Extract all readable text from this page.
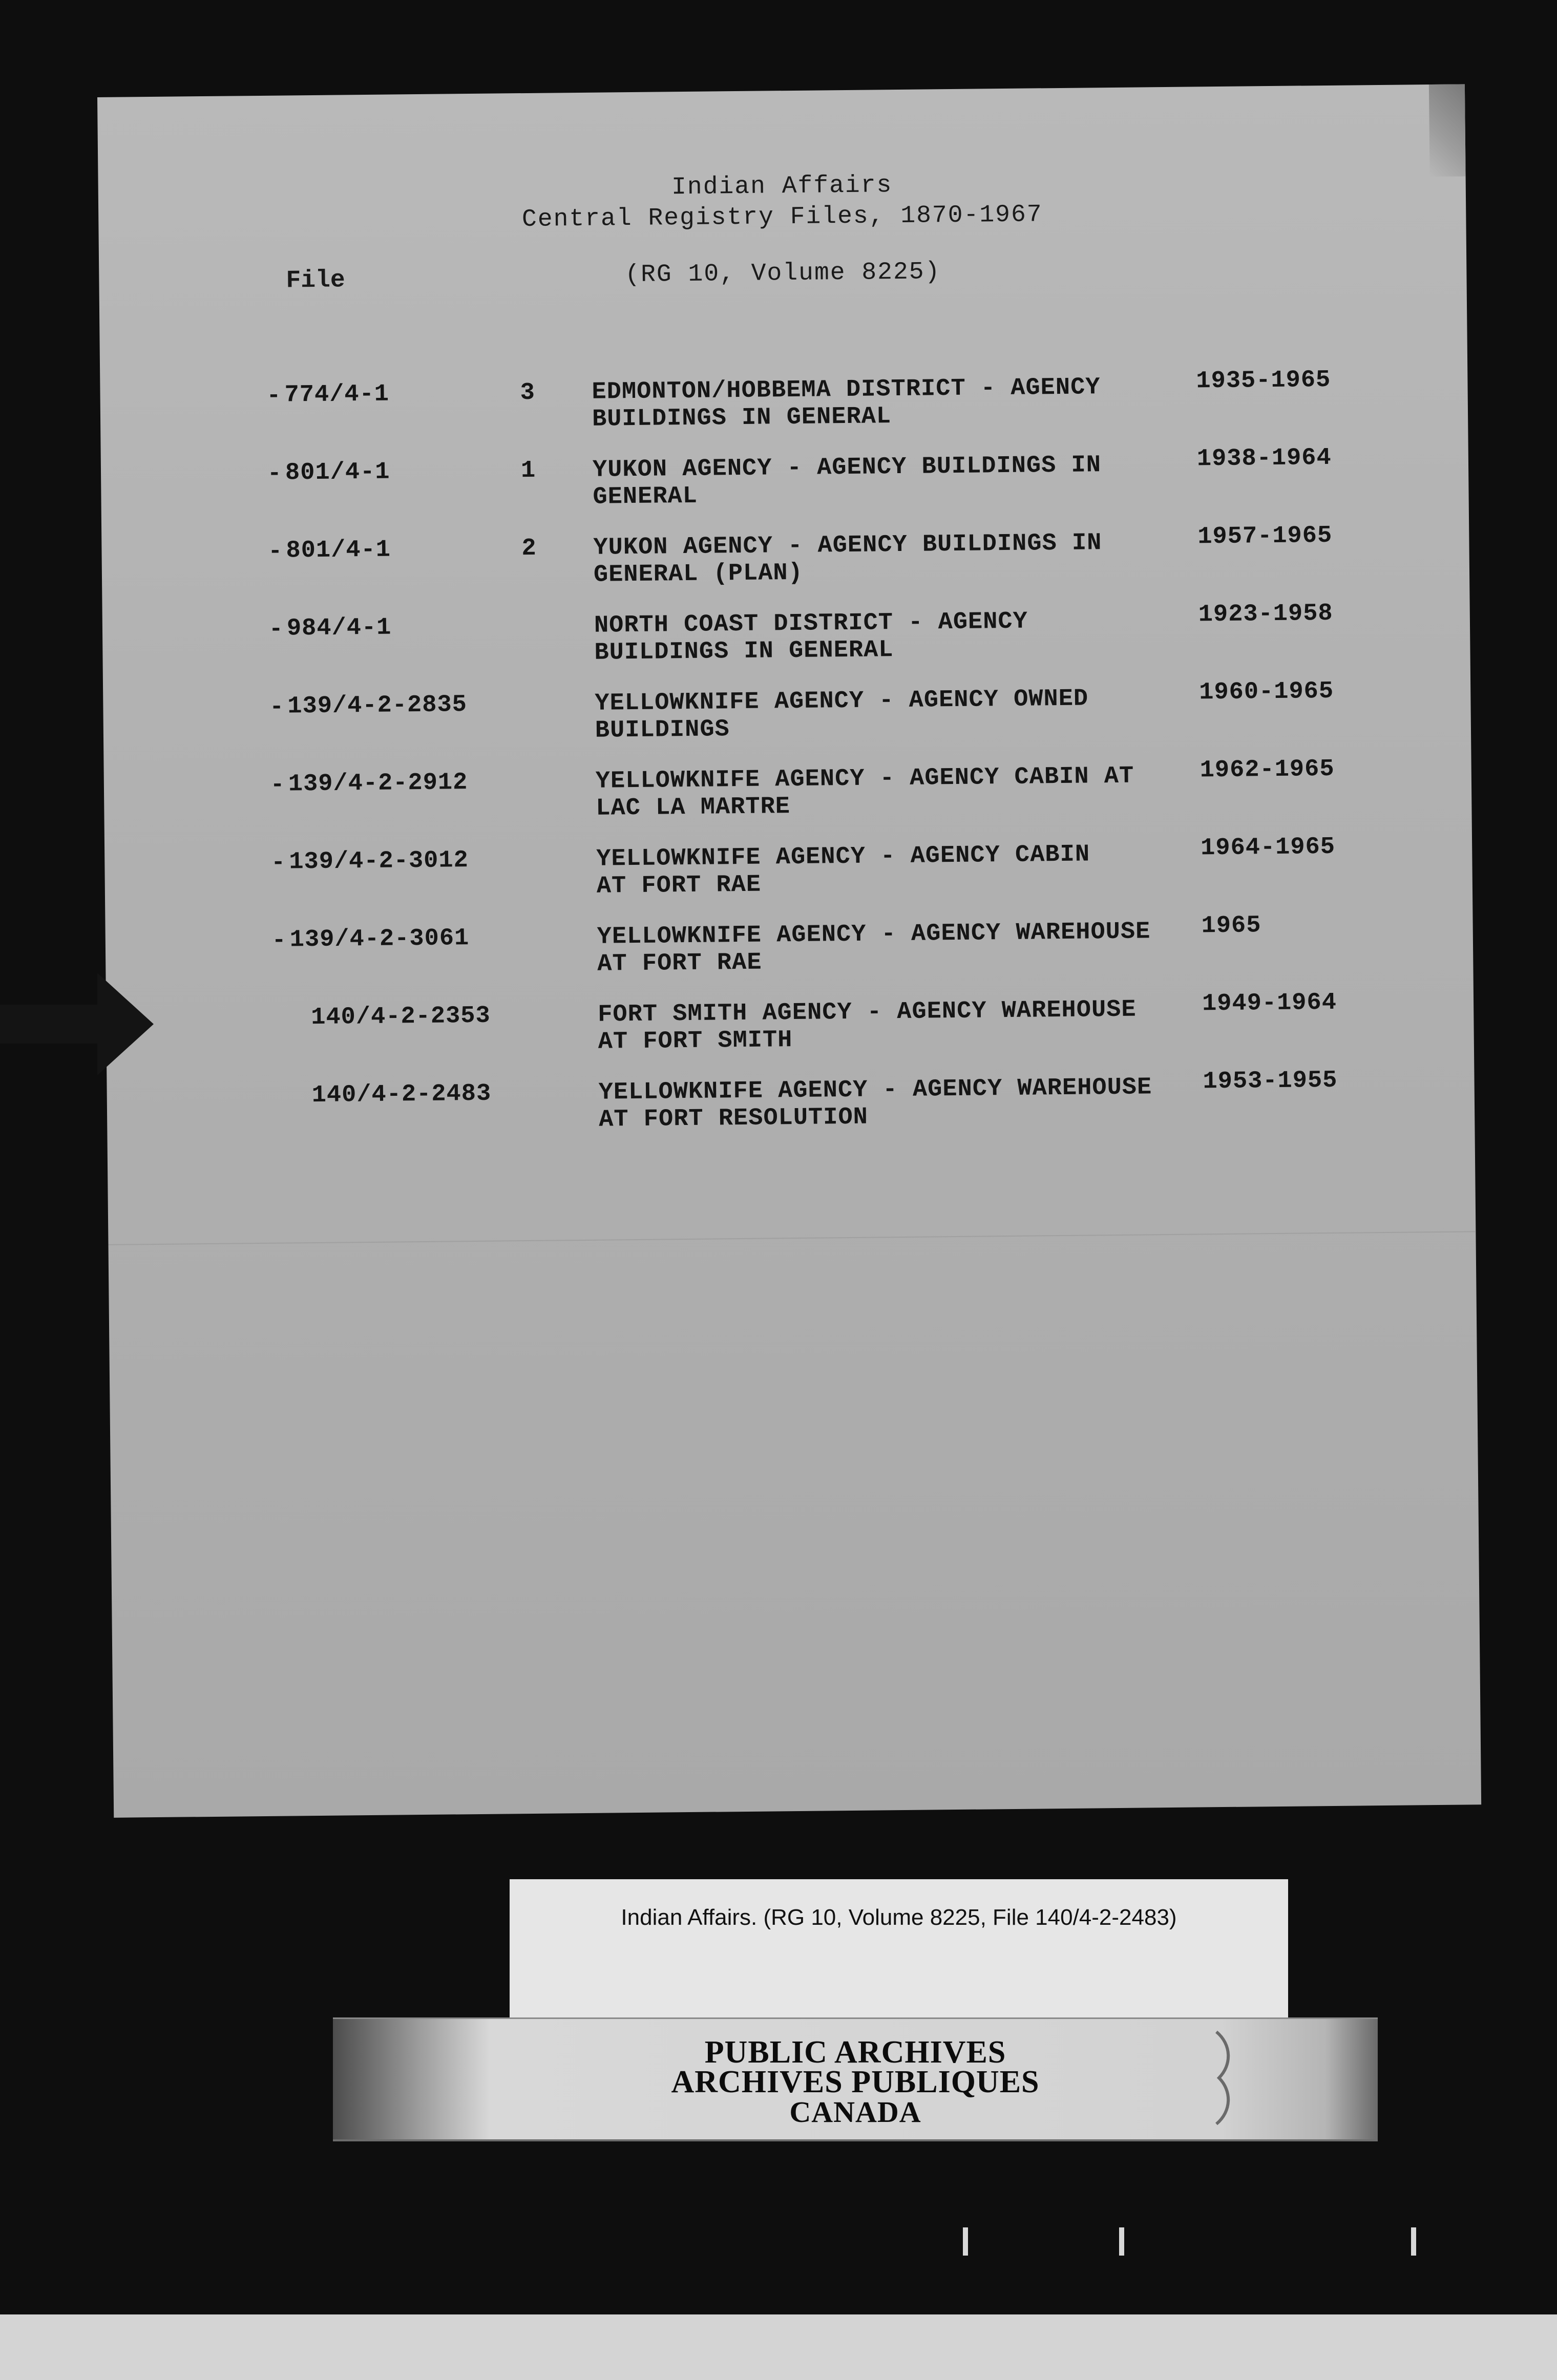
Indian Affairs
Central Registry Files, 1870-1967
(RG 10, Volume 8225)
File
- 774/4-1	3 EDMONTON/HOBBEMA DISTRICT - AGENCY
BUILDINGS IN GENERAL
1935-1965
- 801/4-1	1 YUKON AGENCY - AGENCY BUILDINGS IN
GENERAL
1938-1964
- 801/4-1	2 YUKON AGENCY - AGENCY BUILDINGS IN
GENERAL (PLAN)
1957-1965
- 984/4-1	NORTH COAST DISTRICT - AGENCY
BUILDINGS IN GENERAL
1923-1958
- 139/4-2-2835	YELLOWKNIFE AGENCY - AGENCY OWNED
BUILDINGS
1960-1965
- 139/4-2-2912	YELLOWKNIFE AGENCY - AGENCY CABIN AT
LAC LA MARTRE
1962-1965
- 139/4-2-3012	YELLOWKNIFE AGENCY - AGENCY CABIN
AT FORT RAE
1964-1965
- 139/4-2-3061	YELLOWKNIFE AGENCY - AGENCY WAREHOUSE
AT FORT RAE
1965
140/4-2-2353	FORT SMITH AGENCY - AGENCY WAREHOUSE
AT FORT SMITH
1949-1964
140/4-2-2483	YELLOWKNIFE AGENCY - AGENCY WAREHOUSE
AT FORT RESOLUTION
1953-1955
Indian Affairs. (RG 10, Volume 8225, File 140/4-2-2483)
PUBLIC ARCHIVES
ARCHIVES PUBLIQUES
CANADA
